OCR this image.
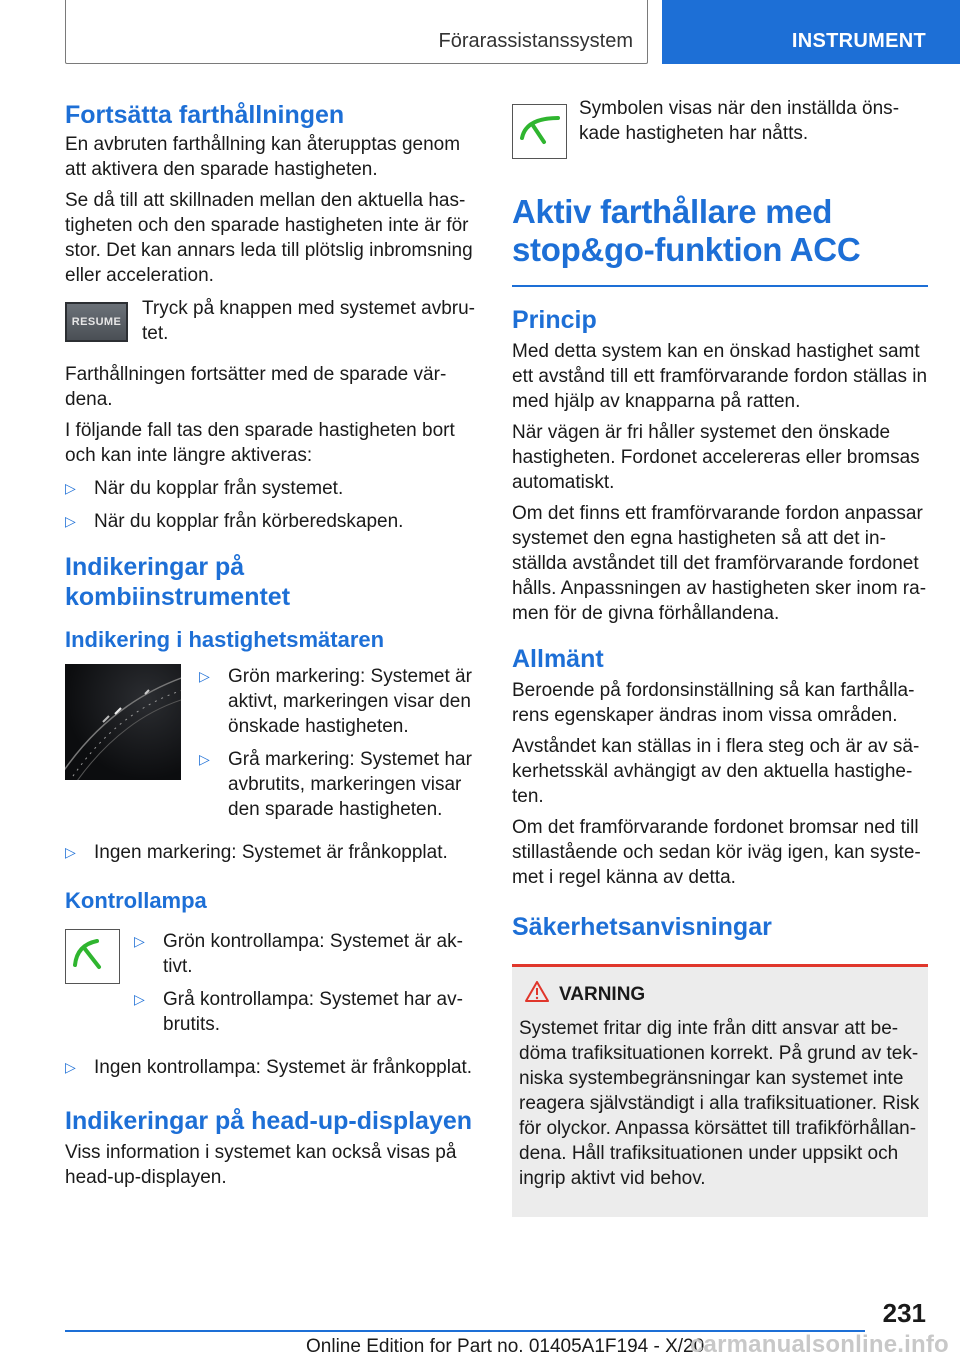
Förarassistanssystem	INSTRUMENT
Fortsätta farthållningen

En avbruten farthållning kan återupptas genom att aktivera den sparade hastigheten.

Se då till att skillnaden mellan den aktuella hastigheten och den sparade hastigheten inte är för stor. Det kan annars leda till plötslig inbromsning eller acceleration.

RESUME

Tryck på knappen med systemet avbrutet.

Farthållningen fortsätter med de sparade värdena.

I följande fall tas den sparade hastigheten bort och kan inte längre aktiveras:

▷ När du kopplar från systemet.
▷ När du kopplar från körberedskapen.
Indikeringar på kombiinstrumentet
Indikering i hastighetsmätaren
▷ Grön markering: Systemet är aktivt, markeringen visar den önskade hastigheten.
▷ Grå markering: Systemet har avbrutits, markeringen visar den sparade hastigheten.
▷ Ingen markering: Systemet är frånkopplat.
Kontrollampa
▷ Grön kontrollampa: Systemet är aktivt.
▷ Grå kontrollampa: Systemet har avbrutits.
▷ Ingen kontrollampa: Systemet är frånkopplat.
Indikeringar på head-up-displayen

Viss information i systemet kan också visas på head-up-displayen.

Symbolen visas när den inställda önskade hastigheten har nåtts.

Aktiv farthållare med stop&go-funktion ACC
Princip

Med detta system kan en önskad hastighet samt ett avstånd till ett framförvarande fordon ställas in med hjälp av knapparna på ratten.

När vägen är fri håller systemet den önskade hastigheten. Fordonet accelereras eller bromsas automatiskt.

Om det finns ett framförvarande fordon anpassar systemet den egna hastigheten så att det inställda avståndet till det framförvarande fordonet hålls. Anpassningen av hastigheten sker inom ramen för de givna förhållandena.

Allmänt

Beroende på fordonsinställning så kan farthållarens egenskaper ändras inom vissa områden.

Avståndet kan ställas in i flera steg och är av säkerhetsskäl avhängigt av den aktuella hastigheten.

Om det framförvarande fordonet bromsar ned till stillastående och sedan kör iväg igen, kan systemet i regel känna av detta.

Säkerhetsanvisningar
VARNING

Systemet fritar dig inte från ditt ansvar att bedöma trafiksituationen korrekt. På grund av tekniska systembegränsningar kan systemet inte reagera självständigt i alla trafiksituationer. Risk för olyckor. Anpassa körsättet till trafikförhållandena. Håll trafiksituationen under uppsikt och ingrip aktivt vid behov.

231
Online Edition for Part no. 01405A1F194 - X/20
carmanualsonline.info
